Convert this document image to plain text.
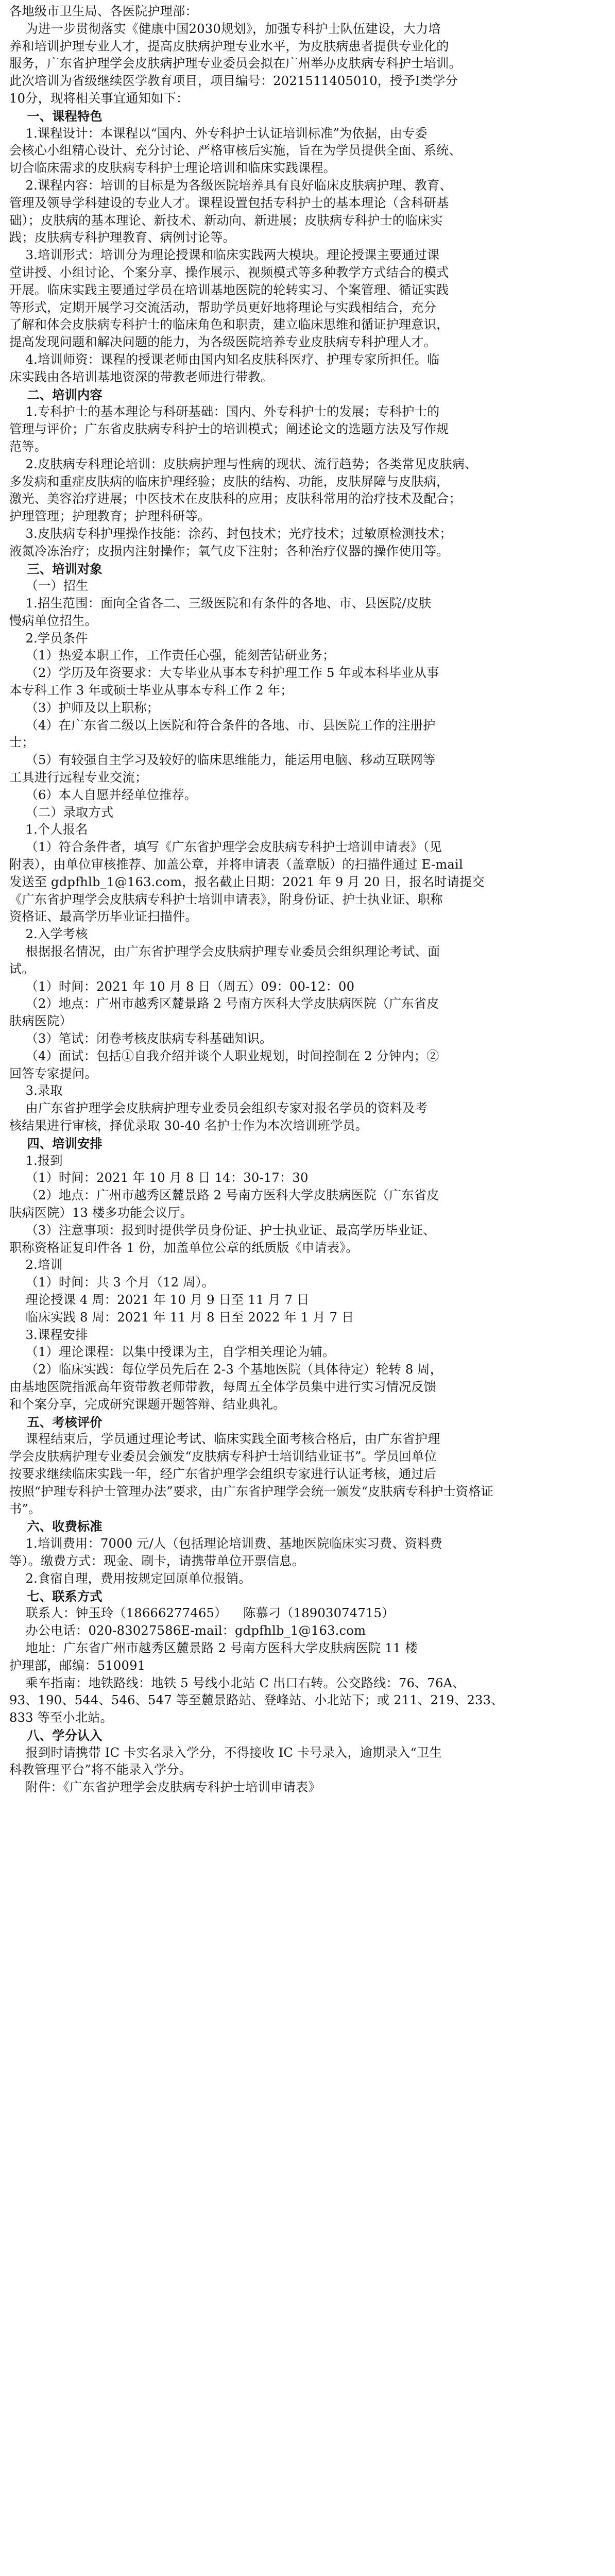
各地级市卫生局、各医院护理部：

为进一步贯彻落实《健康中国2030规划》，加强专科护士队伍建设，大力培

养和培训护理专业人才，提高皮肤病护理专业水平，为皮肤病患者提供专业化的

服务，广东省护理学会皮肤病护理专业委员会拟在广州举办皮肤病专科护士培训。

此次培训为省级继续医学教育项目，项目编号：2021511405010，授予Ⅰ类学分

10分，现将相关事宜通知如下：

一、课程特色

1.课程设计：本课程以“国内、外专科护士认证培训标准”为依据，由专委

会核心小组精心设计、充分讨论、严格审核后实施，旨在为学员提供全面、系统、

切合临床需求的皮肤病专科护士理论培训和临床实践课程。

2.课程内容：培训的目标是为各级医院培养具有良好临床皮肤病护理、教育、

管理及领导学科建设的专业人才。课程设置包括专科护士的基本理论（含科研基

础）；皮肤病的基本理论、新技术、新动向、新进展；皮肤病专科护士的临床实

践；皮肤病专科护理教育、病例讨论等。

3.培训形式：培训分为理论授课和临床实践两大模块。理论授课主要通过课

堂讲授、小组讨论、个案分享、操作展示、视频模式等多种教学方式结合的模式

开展。临床实践主要通过学员在培训基地医院的轮转实习、个案管理、循证实践

等形式，定期开展学习交流活动，帮助学员更好地将理论与实践相结合，充分

了解和体会皮肤病专科护士的临床角色和职责，建立临床思维和循证护理意识，

提高发现问题和解决问题的能力，为各级医院培养专业皮肤病专科护理人才。

4.培训师资：课程的授课老师由国内知名皮肤科医疗、护理专家所担任。临

床实践由各培训基地资深的带教老师进行带教。

二、培训内容

1.专科护士的基本理论与科研基础：国内、外专科护士的发展；专科护士的

管理与评价；广东省皮肤病专科护士的培训模式；阐述论文的选题方法及写作规

范等。

2.皮肤病专科理论培训：皮肤病护理与性病的现状、流行趋势；各类常见皮肤病、

多发病和重症皮肤病的临床护理经验；皮肤的结构、功能，皮肤屏障与皮肤病，

激光、美容治疗进展；中医技术在皮肤科的应用；皮肤科常用的治疗技术及配合；

护理管理；护理教育；护理科研等。

3.皮肤病专科护理操作技能：涂药、封包技术；光疗技术；过敏原检测技术；

液氮冷冻治疗；皮损内注射操作；氧气皮下注射；各种治疗仪器的操作使用等。

三、培训对象

（一）招生

1.招生范围：面向全省各二、三级医院和有条件的各地、市、县医院/皮肤

慢病单位招生。

2.学员条件

（1）热爱本职工作，工作责任心强，能刻苦钻研业务；

（2）学历及年资要求：大专毕业从事本专科护理工作 5 年或本科毕业从事

本专科工作 3 年或硕士毕业从事本专科工作 2 年；

（3）护师及以上职称；

（4）在广东省二级以上医院和符合条件的各地、市、县医院工作的注册护

士；

（5）有较强自主学习及较好的临床思维能力，能运用电脑、移动互联网等

工具进行远程专业交流；

（6）本人自愿并经单位推荐。

（二）录取方式

1.个人报名

（1）符合条件者，填写《广东省护理学会皮肤病专科护士培训申请表》（见

附表），由单位审核推荐、加盖公章，并将申请表（盖章版）的扫描件通过 E-mail

发送至 gdpfhlb_1@163.com，报名截止日期：2021 年 9 月 20 日，报名时请提交

《广东省护理学会皮肤病专科护士培训申请表》，附身份证、护士执业证、职称

资格证、最高学历毕业证扫描件。

2.入学考核

根据报名情况，由广东省护理学会皮肤病护理专业委员会组织理论考试、面

试。

（1）时间：2021 年 10 月 8 日（周五）09：00-12：00

（2）地点：广州市越秀区麓景路 2 号南方医科大学皮肤病医院（广东省皮

肤病医院）

（3）笔试：闭卷考核皮肤病专科基础知识。

（4）面试：包括①自我介绍并谈个人职业规划，时间控制在 2 分钟内；②

回答专家提问。

3.录取

由广东省护理学会皮肤病护理专业委员会组织专家对报名学员的资料及考

核结果进行审核，择优录取 30-40 名护士作为本次培训班学员。

四、培训安排

1.报到

（1）时间：2021 年 10 月 8 日 14：30-17：30

（2）地点：广州市越秀区麓景路 2 号南方医科大学皮肤病医院（广东省皮

肤病医院）13 楼多功能会议厅。

（3）注意事项：报到时提供学员身份证、护士执业证、最高学历毕业证、

职称资格证复印件各 1 份，加盖单位公章的纸质版《申请表》。

2.培训

（1）时间：共 3 个月（12 周）。

理论授课 4 周：2021 年 10 月 9 日至 11 月 7 日

临床实践 8 周：2021 年 11 月 8 日至 2022 年 1 月 7 日

3.课程安排

（1）理论课程：以集中授课为主，自学相关理论为辅。

（2）临床实践：每位学员先后在 2-3 个基地医院（具体待定）轮转 8 周，

由基地医院指派高年资带教老师带教，每周五全体学员集中进行实习情况反馈

和个案分享，完成研究课题开题答辩、结业典礼。

五、考核评价

课程结束后，学员通过理论考试、临床实践全面考核合格后，由广东省护理

学会皮肤病护理专业委员会颁发“皮肤病专科护士培训结业证书”。学员回单位

按要求继续临床实践一年，经广东省护理学会组织专家进行认证考核，通过后

按照“护理专科护士管理办法”要求，由广东省护理学会统一颁发“皮肤病专科护士资格证

书”。

六、收费标准

1.培训费用：7000 元/人（包括理论培训费、基地医院临床实习费、资料费

等）。缴费方式：现金、刷卡，请携带单位开票信息。

2.食宿自理，费用按规定回原单位报销。

七、联系方式

联系人：钟玉玲（18666277465）    陈慕刁（18903074715）

办公电话：020-83027586E-mail：gdpfhlb_1@163.com

地址：广东省广州市越秀区麓景路 2 号南方医科大学皮肤病医院 11 楼

护理部，邮编：510091

乘车指南：地铁路线：地铁 5 号线小北站 C 出口右转。公交路线：76、76A、

93、190、544、546、547 等至麓景路站、登峰站、小北站下；或 211、219、233、

833 等至小北站。

八、学分认入

报到时请携带 IC 卡实名录入学分，不得接收 IC 卡号录入，逾期录入“卫生

科教管理平台”将不能录入学分。

附件：《广东省护理学会皮肤病专科护士培训申请表》
